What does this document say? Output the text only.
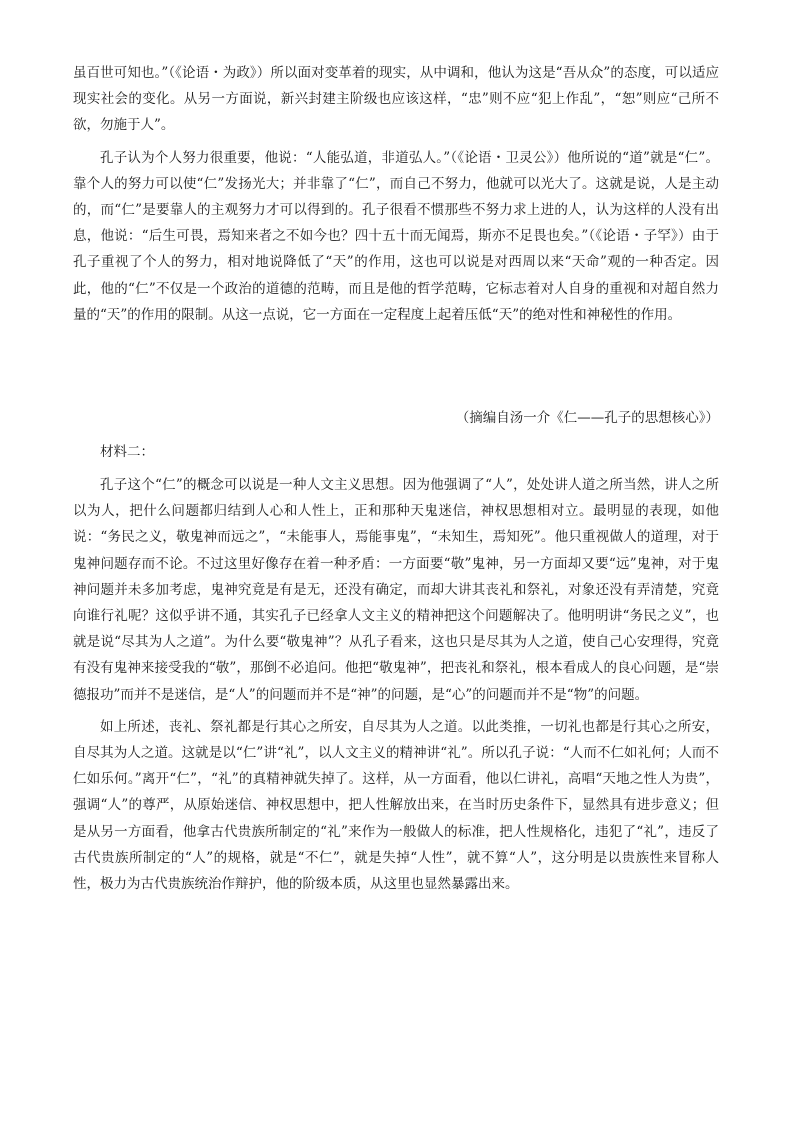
虽百世可知也。”（《论语・为政》）所以面对变革着的现实，从中调和，他认为这是“吾从众”的态度，可以适应现实社会的变化。从另一方面说，新兴封建主阶级也应该这样，“忠”则不应“犯上作乱”，“恕”则应“己所不欲，勿施于人”。

孔子认为个人努力很重要，他说：“人能弘道，非道弘人。”（《论语・卫灵公》）他所说的“道”就是“仁”。靠个人的努力可以使“仁”发扬光大；并非靠了“仁”，而自己不努力，他就可以光大了。这就是说，人是主动的，而“仁”是要靠人的主观努力才可以得到的。孔子很看不惯那些不努力求上进的人，认为这样的人没有出息，他说：“后生可畏，焉知来者之不如今也？四十五十而无闻焉，斯亦不足畏也矣。”（《论语・子罕》）由于孔子重视了个人的努力，相对地说降低了“天”的作用，这也可以说是对西周以来“天命”观的一种否定。因此，他的“仁”不仅是一个政治的道德的范畴，而且是他的哲学范畴，它标志着对人自身的重视和对超自然力量的“天”的作用的限制。从这一点说，它一方面在一定程度上起着压低“天”的绝对性和神秘性的作用。

（摘编自汤一介《仁——孔子的思想核心》）

材料二：

孔子这个“仁”的概念可以说是一种人文主义思想。因为他强调了“人”，处处讲人道之所当然，讲人之所以为人，把什么问题都归结到人心和人性上，正和那种天鬼迷信，神权思想相对立。最明显的表现，如他说：“务民之义，敬鬼神而远之”，“未能事人，焉能事鬼”，“未知生，焉知死”。他只重视做人的道理，对于鬼神问题存而不论。不过这里好像存在着一种矛盾：一方面要“敬”鬼神，另一方面却又要“远”鬼神，对于鬼神问题并未多加考虑，鬼神究竟是有是无，还没有确定，而却大讲其丧礼和祭礼，对象还没有弄清楚，究竟向谁行礼呢？这似乎讲不通，其实孔子已经拿人文主义的精神把这个问题解决了。他明明讲“务民之义”，也就是说“尽其为人之道”。为什么要“敬鬼神”？从孔子看来，这也只是尽其为人之道，使自己心安理得，究竟有没有鬼神来接受我的“敬”，那倒不必追问。他把“敬鬼神”，把丧礼和祭礼，根本看成人的良心问题，是“崇德报功”而并不是迷信，是“人”的问题而并不是“神”的问题，是“心”的问题而并不是“物”的问题。

如上所述，丧礼、祭礼都是行其心之所安，自尽其为人之道。以此类推，一切礼也都是行其心之所安，自尽其为人之道。这就是以“仁”讲“礼”，以人文主义的精神讲“礼”。所以孔子说：“人而不仁如礼何；人而不仁如乐何。”离开“仁”，“礼”的真精神就失掉了。这样，从一方面看，他以仁讲礼，高唱“天地之性人为贵”，强调“人”的尊严，从原始迷信、神权思想中，把人性解放出来，在当时历史条件下，显然具有进步意义；但是从另一方面看，他拿古代贵族所制定的“礼”来作为一般做人的标准，把人性规格化，违犯了“礼”，违反了古代贵族所制定的“人”的规格，就是“不仁”，就是失掉“人性”，就不算“人”，这分明是以贵族性来冒称人性，极力为古代贵族统治作辩护，他的阶级本质，从这里也显然暴露出来。
